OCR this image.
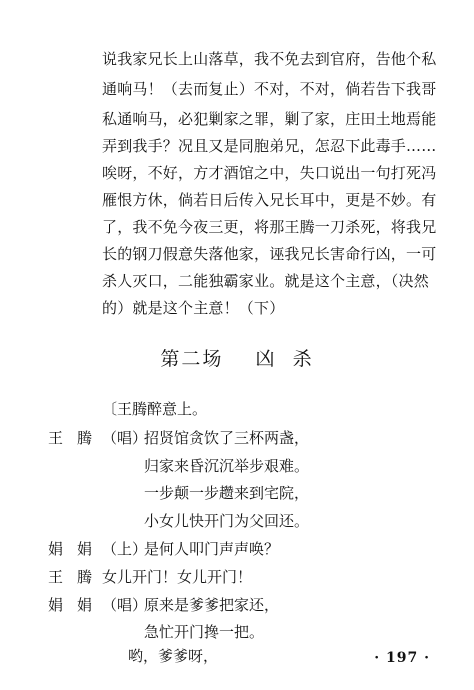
说我家兄长上山落草，我不免去到官府，告他个私
通响马！（去而复止）不对，不对，倘若告下我哥
私通响马，必犯剿家之罪，剿了家，庄田土地焉能
弄到我手？况且又是同胞弟兄，怎忍下此毒手……
唉呀，不好，方才酒馆之中，失口说出一句打死冯
雁恨方休，倘若日后传入兄长耳中，更是不妙。有
了，我不免今夜三更，将那王腾一刀杀死，将我兄
长的钢刀假意失落他家，诬我兄长害命行凶，一可
杀人灭口，二能独霸家业。就是这个主意，（决然
的）就是这个主意！（下）
第二场    凶  杀
〔王腾醉意上。
王腾
（唱）
招贤馆贪饮了三杯两盏，
归家来昏沉沉举步艰难。
一步颠一步趱来到宅院，
小女儿快开门为父回还。
娟娟
（上）
是何人叩门声声唤？
王腾
女儿开门！女儿开门！
娟娟
（唱）
原来是爹爹把家还，
急忙开门搀一把。
哟，爹爹呀，	· 197 ·
